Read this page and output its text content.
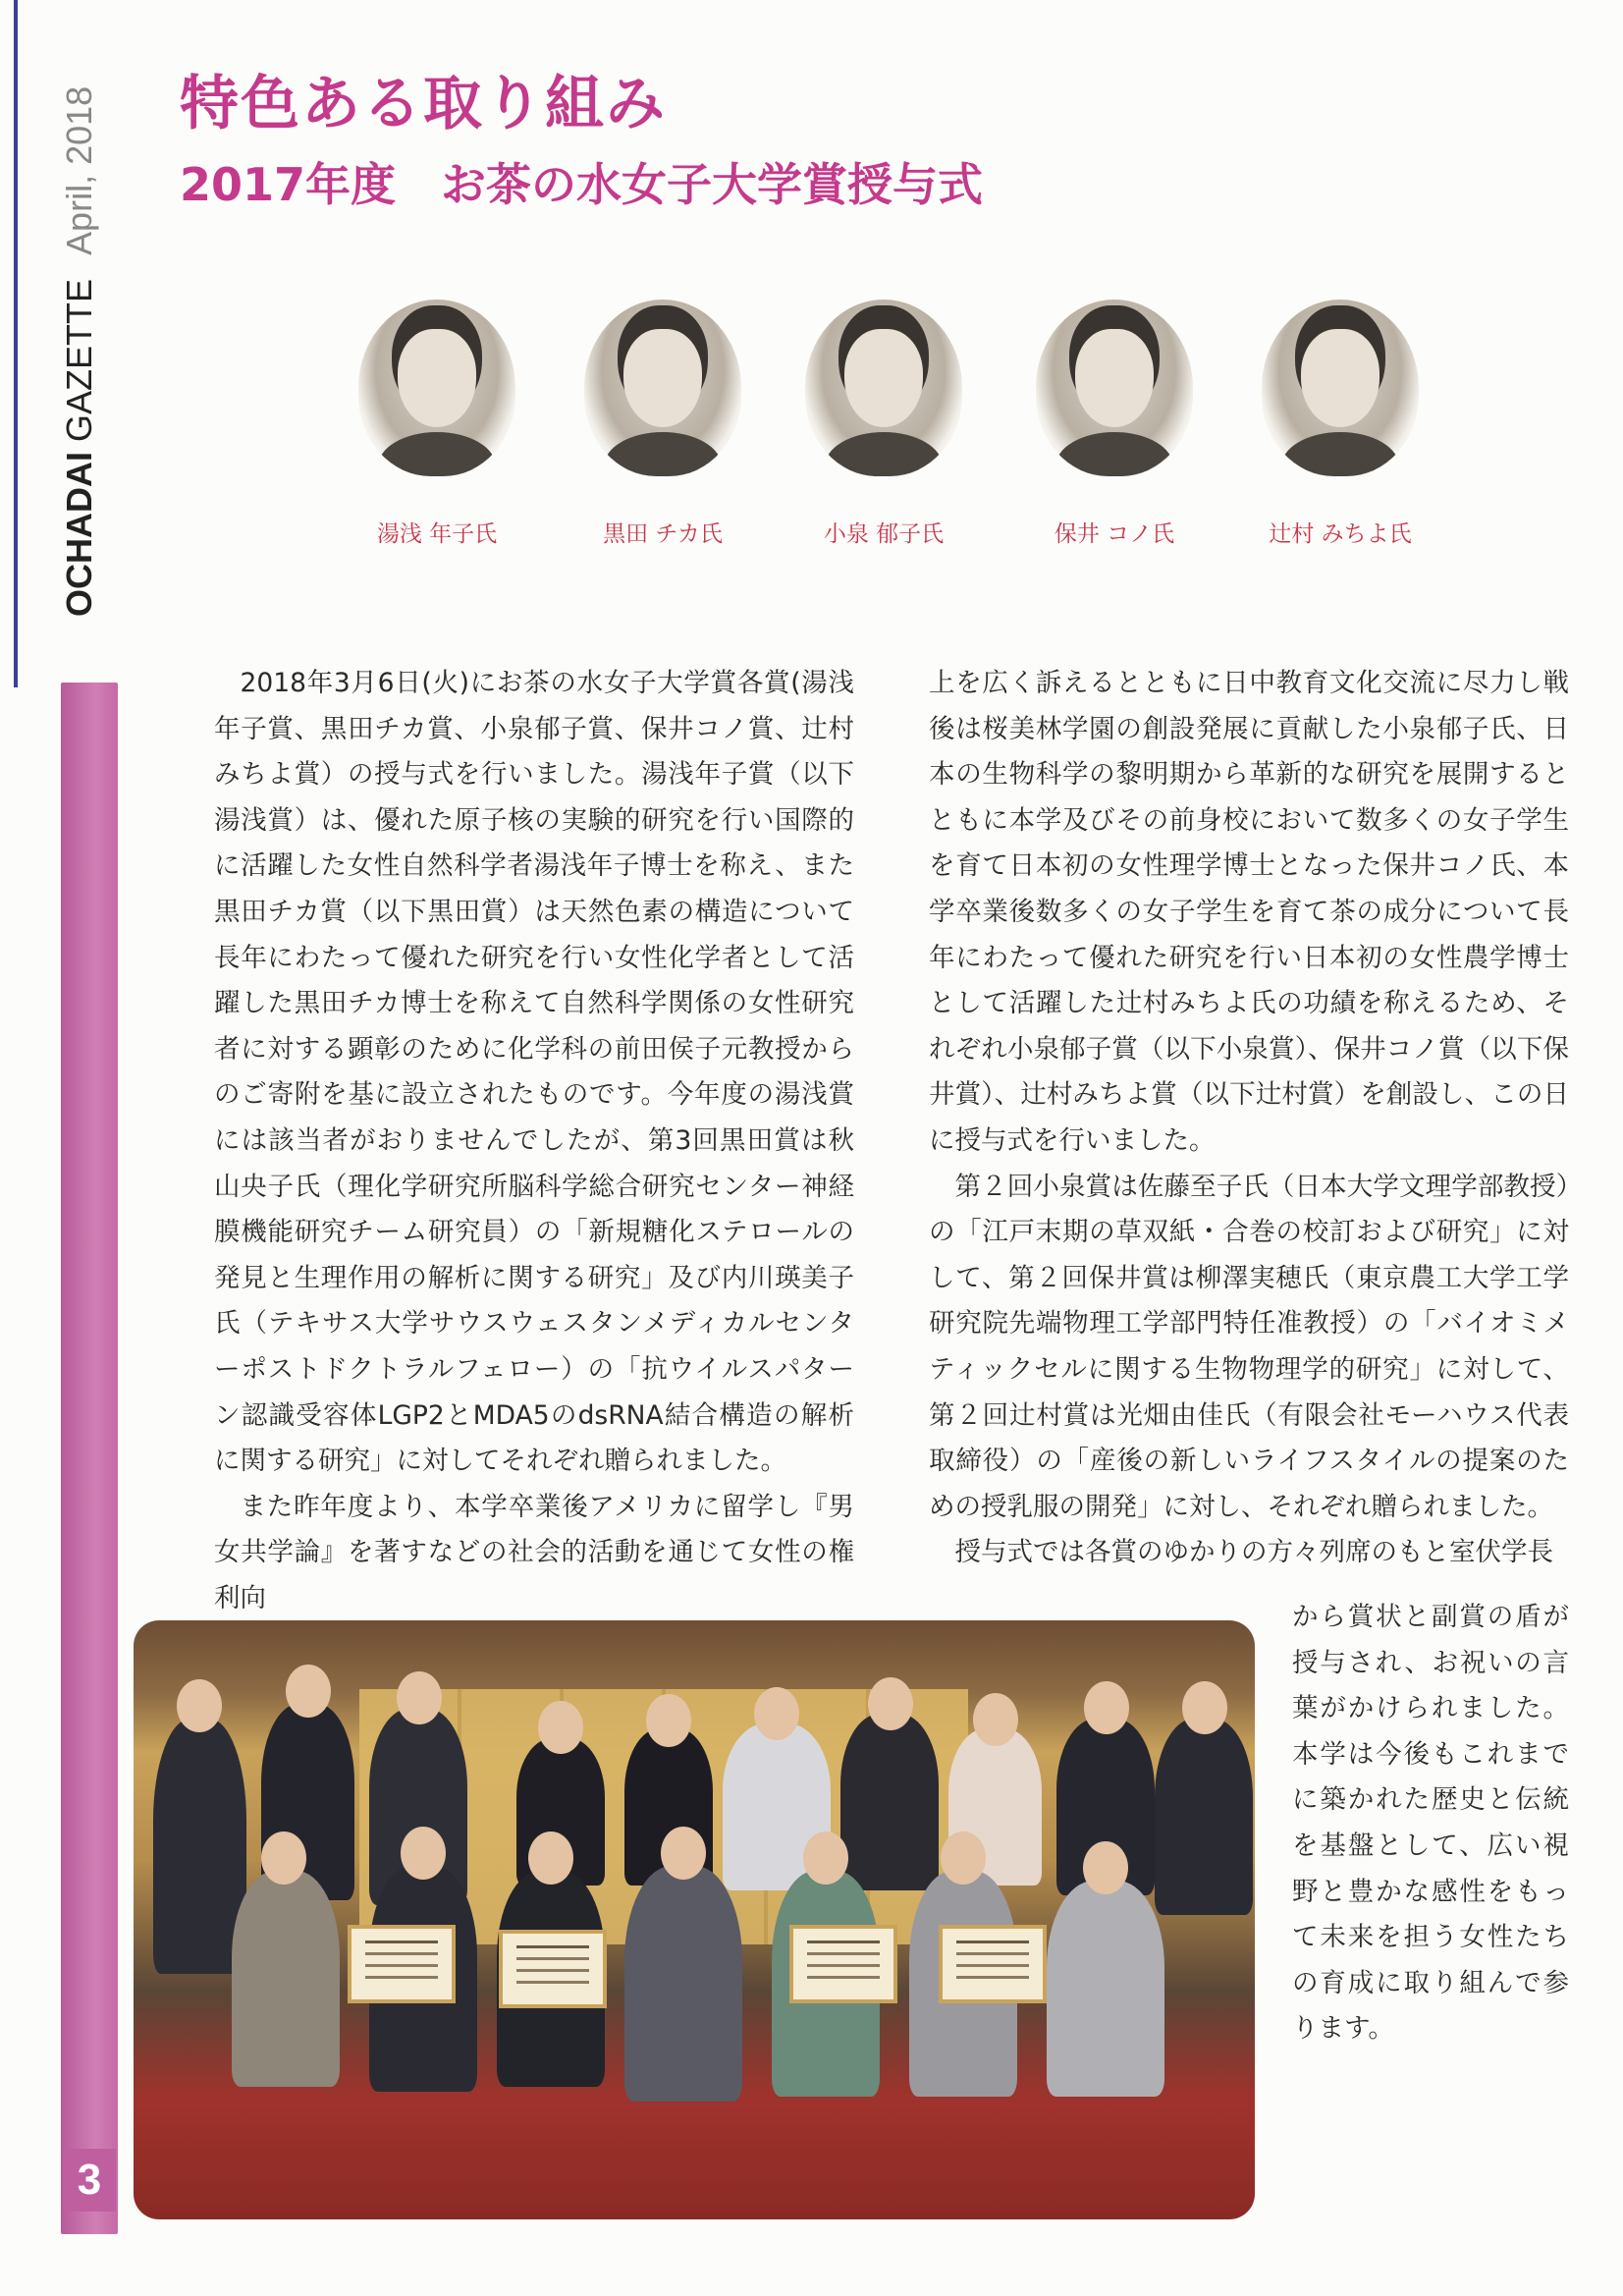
OCHADAI GAZETTE April, 2018
3
特色ある取り組み
2017年度　お茶の水女子大学賞授与式
湯浅 年子氏	黒田 チカ氏	小泉 郁子氏	保井 コノ氏	辻村 みちよ氏

2018年3月6日(火)にお茶の水女子大学賞各賞(湯浅年子賞、黒田チカ賞、小泉郁子賞、保井コノ賞、辻村みちよ賞）の授与式を行いました。湯浅年子賞（以下湯浅賞）は、優れた原子核の実験的研究を行い国際的に活躍した女性自然科学者湯浅年子博士を称え、また黒田チカ賞（以下黒田賞）は天然色素の構造について長年にわたって優れた研究を行い女性化学者として活躍した黒田チカ博士を称えて自然科学関係の女性研究者に対する顕彰のために化学科の前田侯子元教授からのご寄附を基に設立されたものです。今年度の湯浅賞には該当者がおりませんでしたが、第3回黒田賞は秋山央子氏（理化学研究所脳科学総合研究センター神経膜機能研究チーム研究員）の「新規糖化ステロールの発見と生理作用の解析に関する研究」及び内川瑛美子氏（テキサス大学サウスウェスタンメディカルセンターポストドクトラルフェロー）の「抗ウイルスパターン認識受容体LGP2とMDA5のdsRNA結合構造の解析に関する研究」に対してそれぞれ贈られました。

また昨年度より、本学卒業後アメリカに留学し『男女共学論』を著すなどの社会的活動を通じて女性の権利向

上を広く訴えるとともに日中教育文化交流に尽力し戦後は桜美林学園の創設発展に貢献した小泉郁子氏、日本の生物科学の黎明期から革新的な研究を展開するとともに本学及びその前身校において数多くの女子学生を育て日本初の女性理学博士となった保井コノ氏、本学卒業後数多くの女子学生を育て茶の成分について長年にわたって優れた研究を行い日本初の女性農学博士として活躍した辻村みちよ氏の功績を称えるため、それぞれ小泉郁子賞（以下小泉賞）、保井コノ賞（以下保井賞）、辻村みちよ賞（以下辻村賞）を創設し、この日に授与式を行いました。

第２回小泉賞は佐藤至子氏（日本大学文理学部教授）の「江戸末期の草双紙・合巻の校訂および研究」に対して、第２回保井賞は柳澤実穂氏（東京農工大学工学研究院先端物理工学部門特任准教授）の「バイオミメティックセルに関する生物物理学的研究」に対して、第２回辻村賞は光畑由佳氏（有限会社モーハウス代表取締役）の「産後の新しいライフスタイルの提案のための授乳服の開発」に対し、それぞれ贈られました。

授与式では各賞のゆかりの方々列席のもと室伏学長

から賞状と副賞の盾が授与され、お祝いの言葉がかけられました。本学は今後もこれまでに築かれた歴史と伝統を基盤として、広い視野と豊かな感性をもって未来を担う女性たちの育成に取り組んで参ります。
